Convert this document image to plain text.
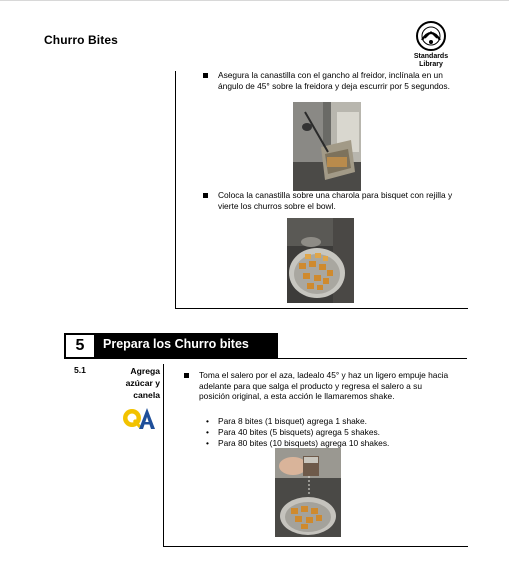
Churro Bites
Standards
Library
Asegura la canastilla con el gancho al freidor, inclínala en un ángulo de 45° sobre la freidora y deja escurrir por 5 segundos.
Coloca la canastilla sobre una charola para bisquet con rejilla y vierte los churros sobre el bowl.
5	Prepara los Churro bites
5.1	Agrega
azúcar y
canela
Toma el salero por el aza, ladealo 45° y haz un ligero empuje hacia adelante para que salga el producto y regresa el salero a su posición original, a esta acción le llamaremos shake.
• Para 8 bites (1 bisquet) agrega 1 shake.
• Para 40 bites (5 bisquets) agrega 5 shakes.
• Para 80 bites (10 bisquets) agrega 10 shakes.
